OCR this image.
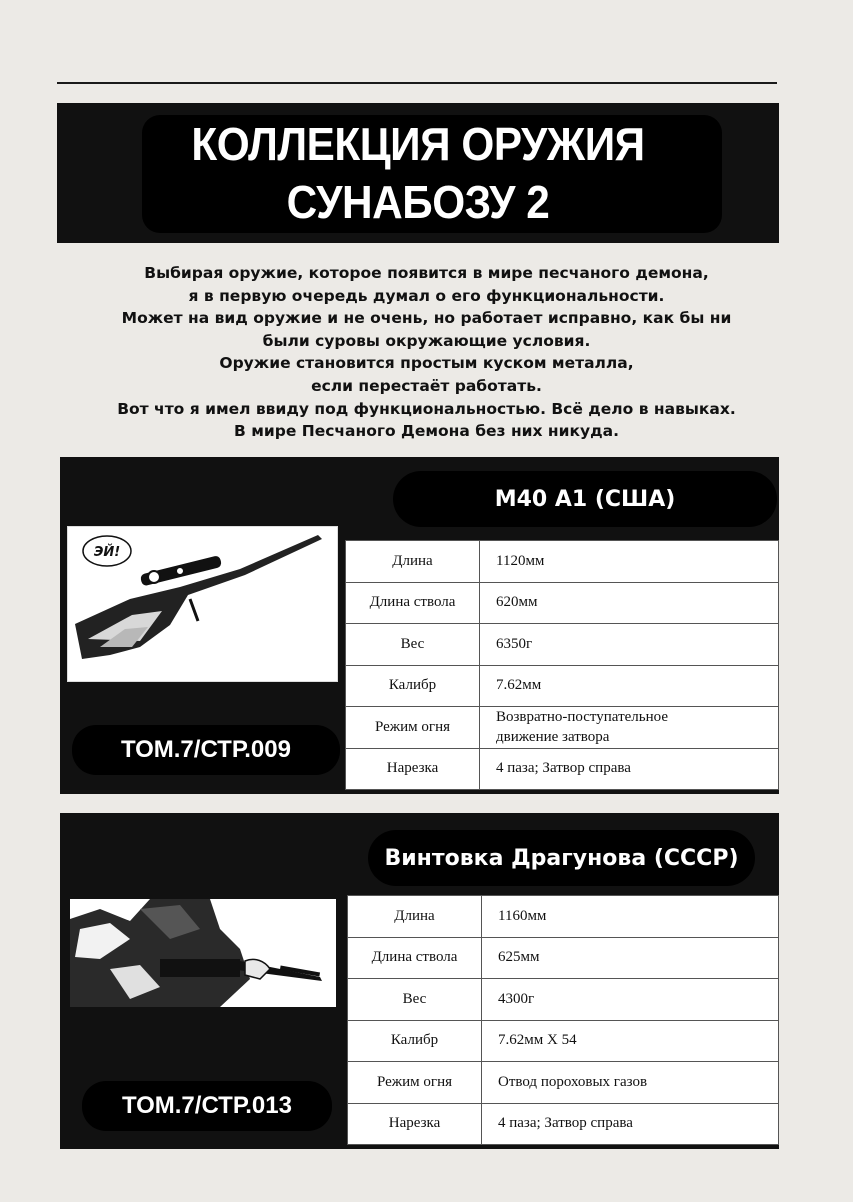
КОЛЛЕКЦИЯ ОРУЖИЯ
СУНАБОЗУ 2
Выбирая оружие, которое появится в мире песчаного демона,
я в первую очередь думал о его функциональности.
Может на вид оружие и не очень, но работает исправно, как бы ни
были суровы окружающие условия.
Оружие становится простым куском металла,
если перестаёт работать.
Вот что я имел ввиду под функциональностью. Всё дело в навыках.
В мире Песчаного Демона без них никуда.
M40 A1 (США)
ЭЙ!
ТОМ.7/СТР.009
Длина	1120мм
Длина ствола	620мм
Вес	6350г
Калибр	7.62мм
Режим огня	Возвратно-поступательное
движение затвора
Нарезка	4 паза; Затвор справа
Винтовка Драгунова (СССР)
ТОМ.7/СТР.013
Длина	1160мм
Длина ствола	625мм
Вес	4300г
Калибр	7.62мм X 54
Режим огня	Отвод пороховых газов
Нарезка	4 паза; Затвор справа
